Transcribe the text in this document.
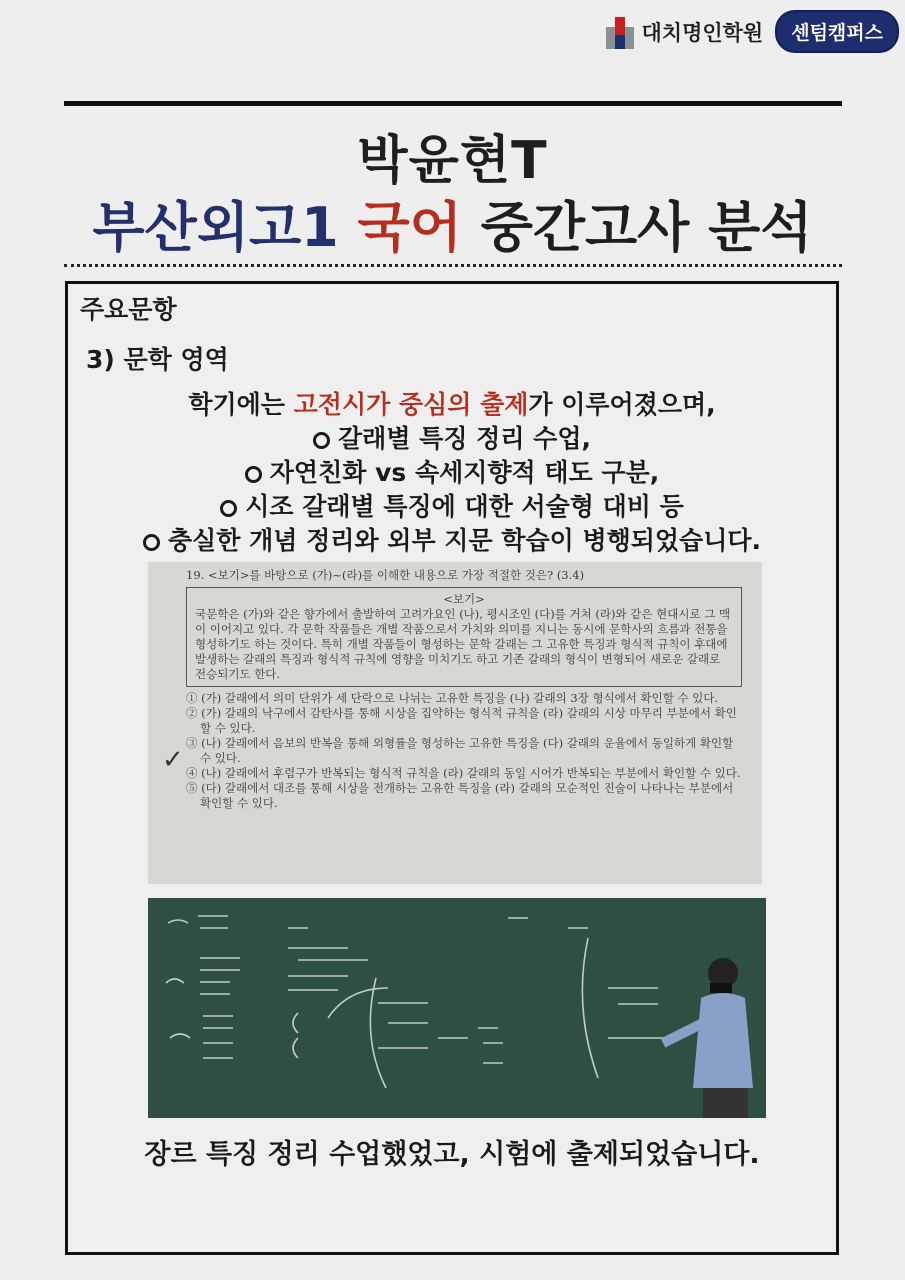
대치명인학원	센텀캠퍼스
박윤현T
부산외고1 국어 중간고사 분석
주요문항
3) 문학 영역
학기에는 고전시가 중심의 출제가 이루어졌으며,
갈래별 특징 정리 수업,
자연친화 vs 속세지향적 태도 구분,
시조 갈래별 특징에 대한 서술형 대비 등
충실한 개념 정리와 외부 지문 학습이 병행되었습니다.

19. <보기>를 바탕으로 (가)~(라)를 이해한 내용으로 가장 적절한 것은? (3.4)

<보기>
국문학은 (가)와 같은 향가에서 출발하여 고려가요인 (나), 평시조인 (다)를 거쳐 (라)와 같은 현대시로 그 맥이 이어지고 있다. 각 문학 작품들은 개별 작품으로서 가치와 의미를 지니는 동시에 문학사의 흐름과 전통을 형성하기도 하는 것이다. 특히 개별 작품들이 형성하는 문학 갈래는 그 고유한 특징과 형식적 규칙이 후대에 발생하는 갈래의 특징과 형식적 규칙에 영향을 미치기도 하고 기존 갈래의 형식이 변형되어 새로운 갈래로 전승되기도 한다.

① (가) 갈래에서 의미 단위가 세 단락으로 나뉘는 고유한 특징을 (나) 갈래의 3장 형식에서 확인할 수 있다.

② (가) 갈래의 낙구에서 감탄사를 통해 시상을 집약하는 형식적 규칙을 (라) 갈래의 시상 마무리 부분에서 확인할 수 있다.

③ (나) 갈래에서 음보의 반복을 통해 외형률을 형성하는 고유한 특징을 (다) 갈래의 운율에서 동일하게 확인할 수 있다.

④ (나) 갈래에서 후렴구가 반복되는 형식적 규칙을 (라) 갈래의 동일 시어가 반복되는 부분에서 확인할 수 있다.

⑤ (다) 갈래에서 대조를 통해 시상을 전개하는 고유한 특징을 (라) 갈래의 모순적인 진술이 나타나는 부분에서 확인할 수 있다.

✓
장르 특징 정리 수업했었고, 시험에 출제되었습니다.
